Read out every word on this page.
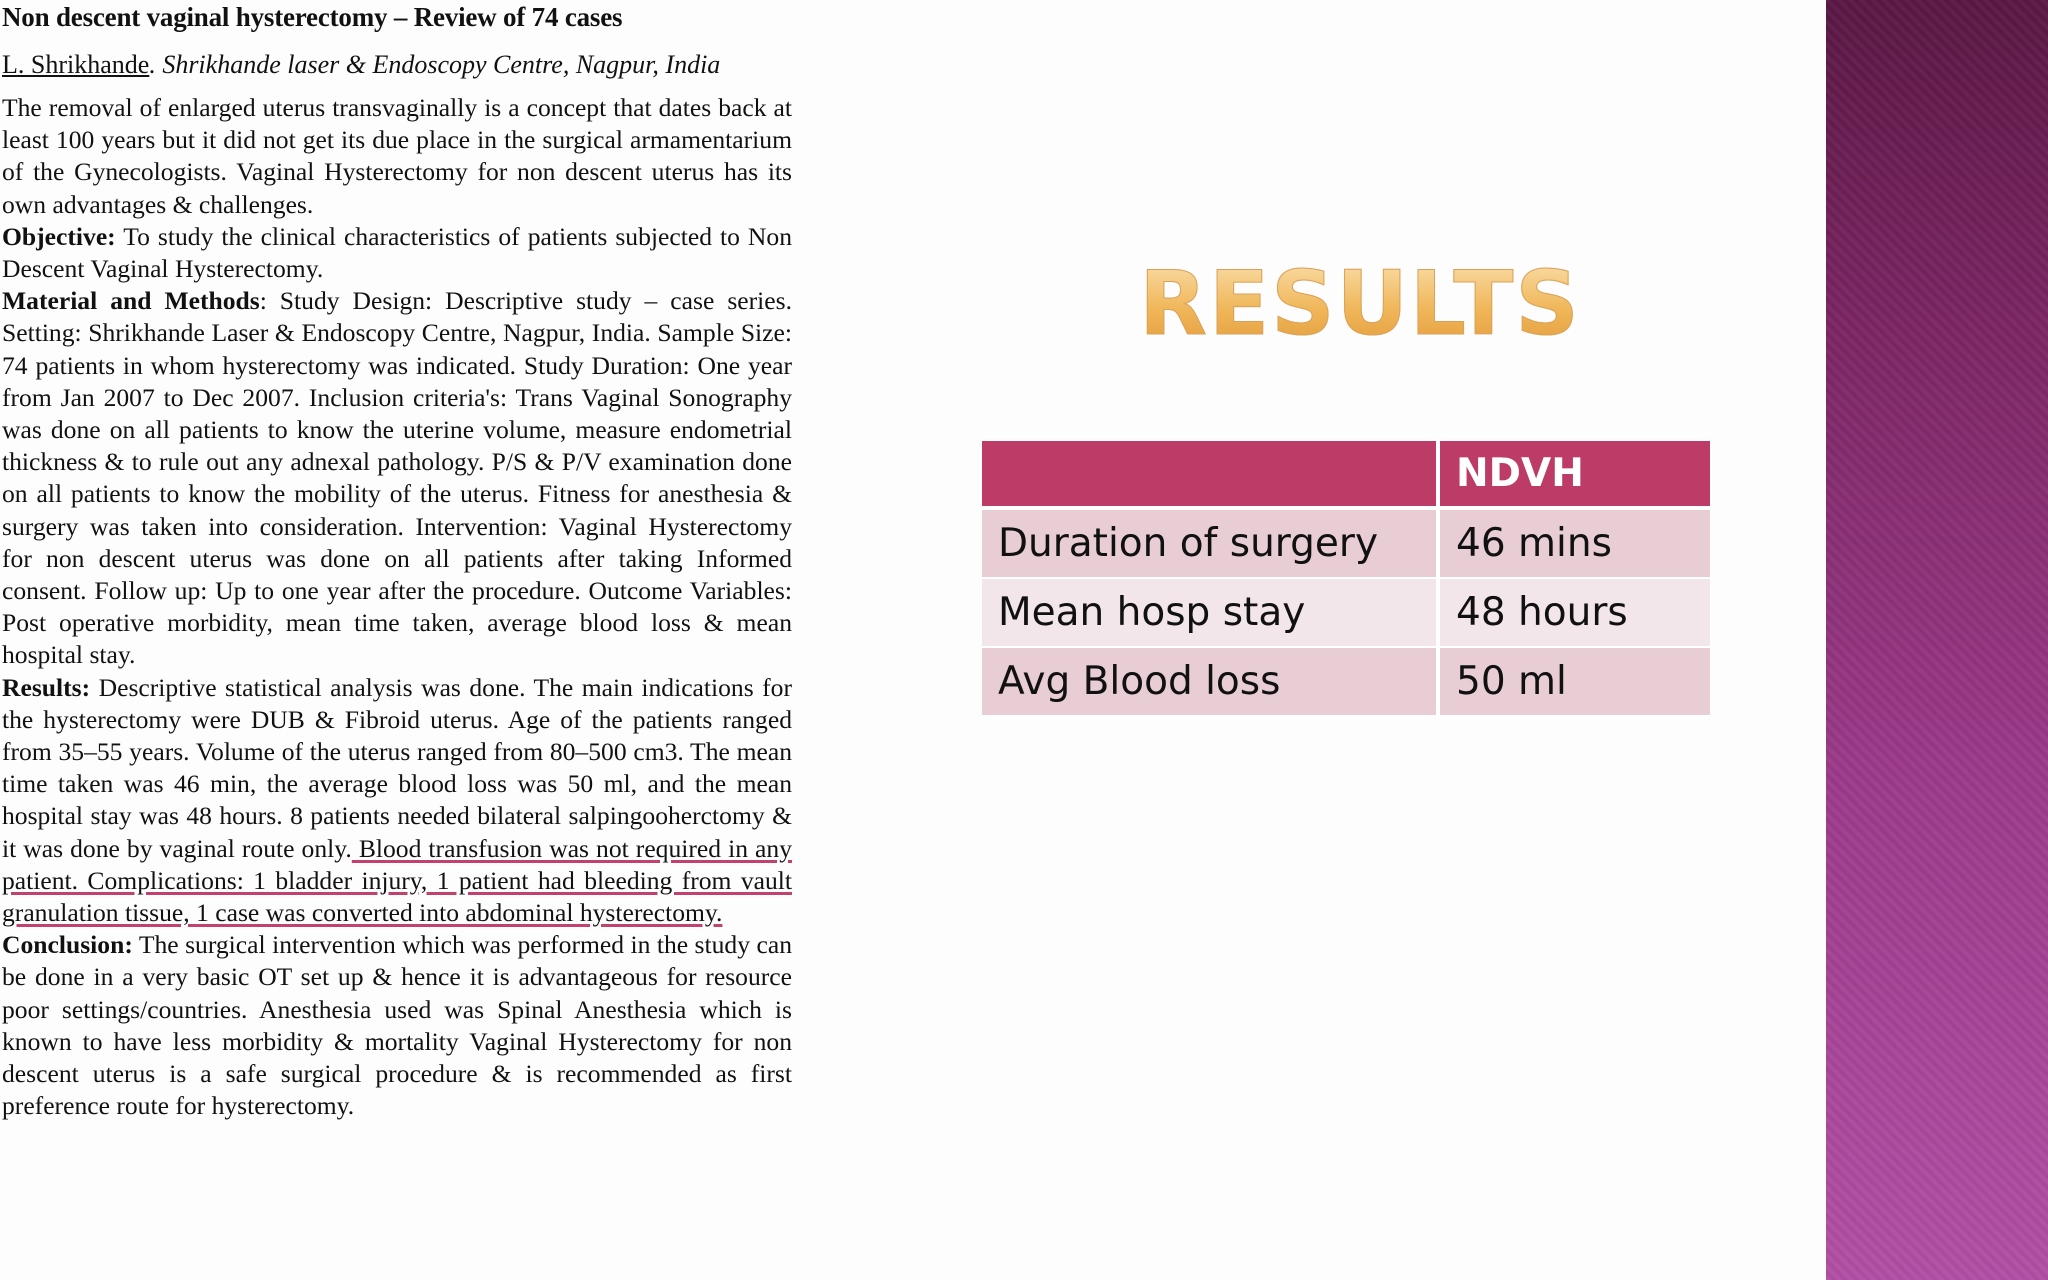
Non descent vaginal hysterectomy – Review of 74 cases
L. Shrikhande. Shrikhande laser & Endoscopy Centre, Nagpur, India

The removal of enlarged uterus transvaginally is a concept that dates back at least 100 years but it did not get its due place in the surgical armamentarium of the Gynecologists. Vaginal Hysterectomy for non descent uterus has its own advantages & challenges.

Objective: To study the clinical characteristics of patients subjected to Non Descent Vaginal Hysterectomy.

Material and Methods: Study Design: Descriptive study – case series. Setting: Shrikhande Laser & Endoscopy Centre, Nagpur, India. Sample Size: 74 patients in whom hysterectomy was indicated. Study Duration: One year from Jan 2007 to Dec 2007. Inclusion criteria's: Trans Vaginal Sonography was done on all patients to know the uterine volume, measure endometrial thickness & to rule out any adnexal pathology. P/S & P/V examination done on all patients to know the mobility of the uterus. Fitness for anesthesia & surgery was taken into consideration. Intervention: Vaginal Hysterectomy for non descent uterus was done on all patients after taking Informed consent. Follow up: Up to one year after the procedure. Outcome Variables: Post operative morbidity, mean time taken, average blood loss & mean hospital stay.

Results: Descriptive statistical analysis was done. The main indications for the hysterectomy were DUB & Fibroid uterus. Age of the patients ranged from 35–55 years. Volume of the uterus ranged from 80–500 cm3. The mean time taken was 46 min, the average blood loss was 50 ml, and the mean hospital stay was 48 hours. 8 patients needed bilateral salpingooherctomy & it was done by vaginal route only. Blood transfusion was not required in any patient. Complications: 1 bladder injury, 1 patient had bleeding from vault granulation tissue, 1 case was converted into abdominal hysterectomy.

Conclusion: The surgical intervention which was performed in the study can be done in a very basic OT set up & hence it is advantageous for resource poor settings/countries. Anesthesia used was Spinal Anesthesia which is known to have less morbidity & mortality Vaginal Hysterectomy for non descent uterus is a safe surgical procedure & is recommended as first preference route for hysterectomy.

RESULTS
	NDVH
Duration of surgery	46 mins
Mean hosp stay	48 hours
Avg Blood loss	50 ml
